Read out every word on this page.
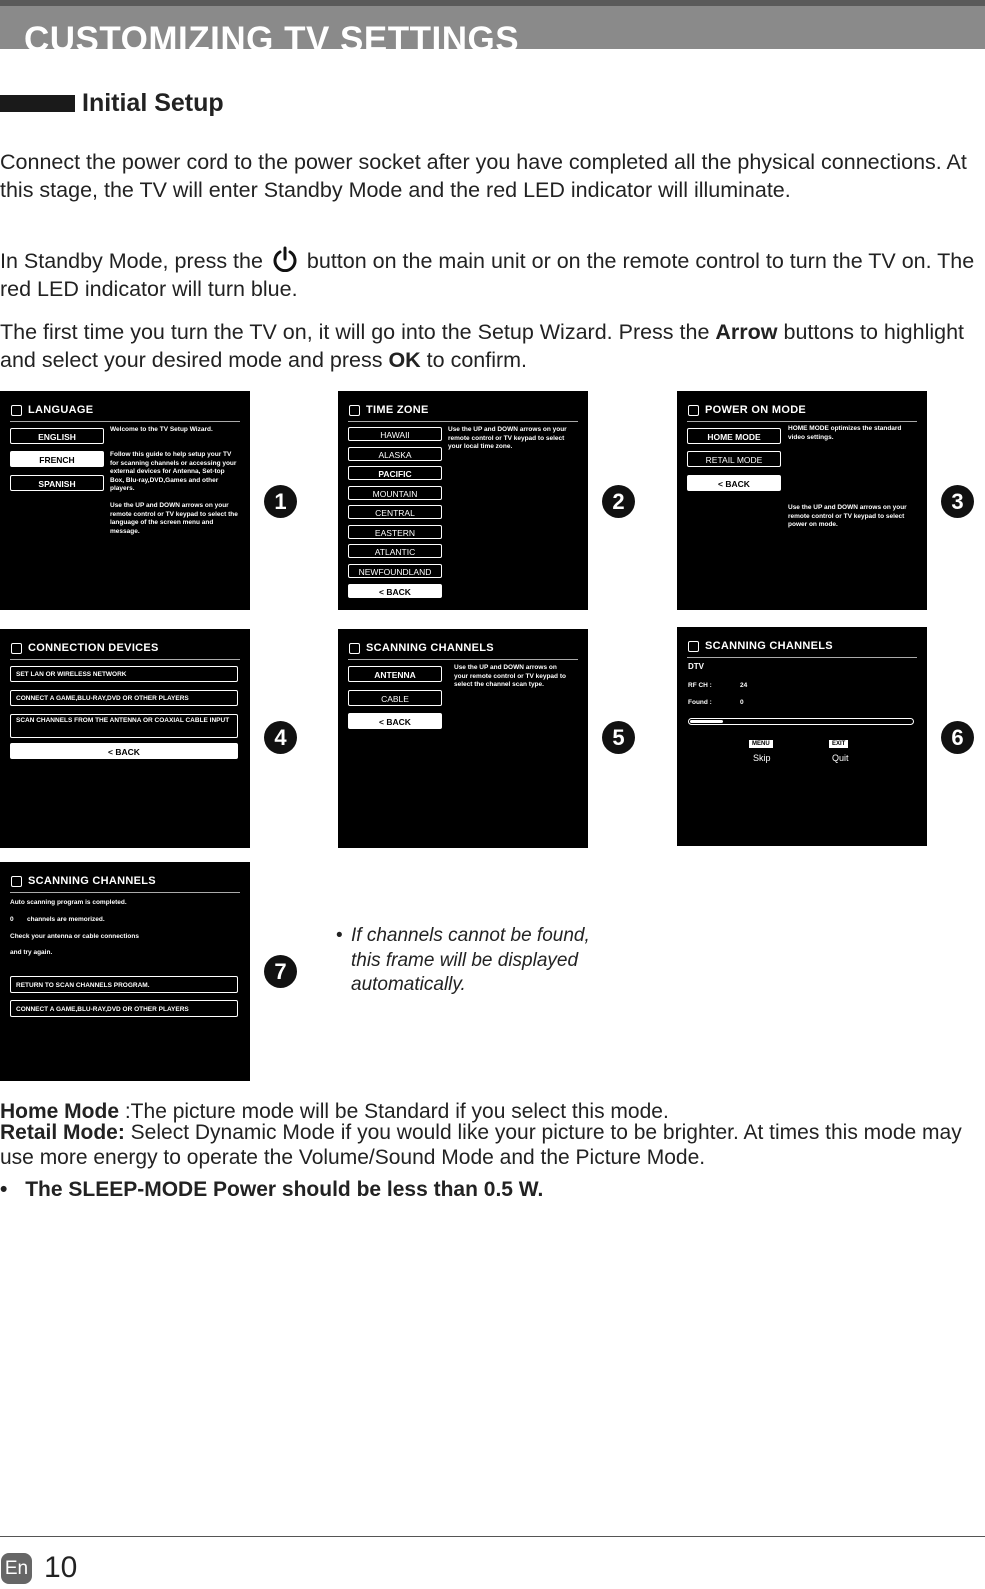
CUSTOMIZING TV SETTINGS
Initial Setup

Connect the power cord to the power socket after you have completed all the physical connections. At this stage, the TV will enter Standby Mode and the red LED indicator will illuminate.

In Standby Mode, press the button on the main unit or on the remote control to turn the TV on. The red LED indicator will turn blue.

The first time you turn the TV on, it will go into the Setup Wizard. Press the Arrow buttons to highlight and select your desired mode and press OK to confirm.

LANGUAGE
ENGLISH
FRENCH
SPANISH
Welcome to the TV Setup Wizard.
Follow this guide to help setup your TV for scanning channels or accessing your external devices for Antenna, Set-top Box, Blu-ray,DVD,Games and other players.
Use the UP and DOWN arrows on your remote control or TV keypad to select the language of the screen menu and message.
1
TIME ZONE
HAWAII
ALASKA
PACIFIC
MOUNTAIN
CENTRAL
EASTERN
ATLANTIC
NEWFOUNDLAND
< BACK
Use the UP and DOWN arrows on your remote control or TV keypad to select your local time zone.
2
POWER ON MODE
HOME MODE
RETAIL MODE
< BACK
HOME MODE optimizes the standard video settings.
Use the UP and DOWN arrows on your remote control or TV keypad to select power on mode.
3
CONNECTION DEVICES
SET LAN OR WIRELESS NETWORK
CONNECT A GAME,BLU-RAY,DVD OR OTHER PLAYERS
SCAN CHANNELS FROM THE ANTENNA OR COAXIAL CABLE INPUT
< BACK
4
SCANNING CHANNELS
ANTENNA
CABLE
< BACK
Use the UP and DOWN arrows on your remote control or TV keypad to select the channel scan type.
5
SCANNING CHANNELS
DTV
RF CH :	24
Found :	0
MENU
Skip
EXIT
Quit
6
SCANNING CHANNELS
Auto scanning program is completed.
0 channels are memorized.
Check your antenna or cable connections
and try again.
RETURN TO SCAN CHANNELS PROGRAM.
CONNECT A GAME,BLU-RAY,DVD OR OTHER PLAYERS
7
• If channels cannot be found, this frame will be displayed automatically.

Home Mode :The picture mode will be Standard if you select this mode.

Retail Mode: Select Dynamic Mode if you would like your picture to be brighter. At times this mode may use more energy to operate the Volume/Sound Mode and the Picture Mode.

• The SLEEP-MODE Power should be less than 0.5 W.
En 10
